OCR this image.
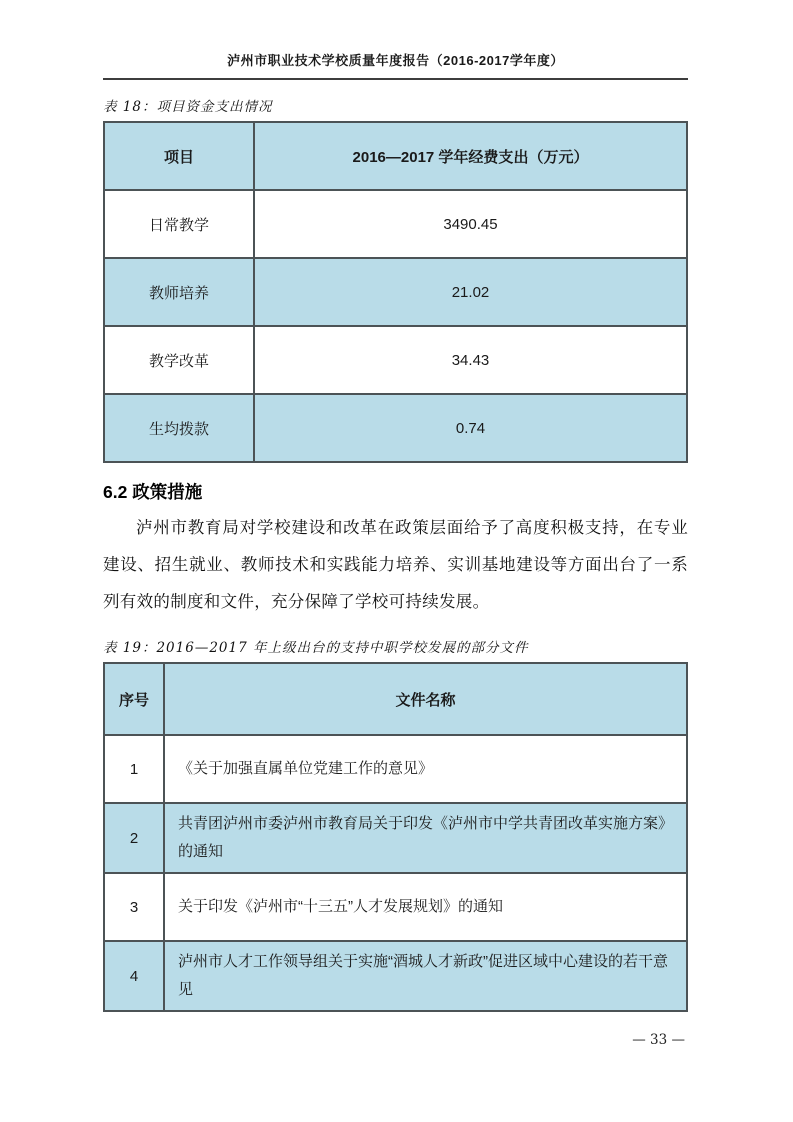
泸州市职业技术学校质量年度报告（2016-2017学年度）
表 18：项目资金支出情况
项目	2016—2017 学年经费支出（万元）
日常教学	3490.45
教师培养	21.02
教学改革	34.43
生均拨款	0.74
6.2 政策措施

泸州市教育局对学校建设和改革在政策层面给予了高度积极支持，在专业建设、招生就业、教师技术和实践能力培养、实训基地建设等方面出台了一系列有效的制度和文件，充分保障了学校可持续发展。

表 19：2016—2017 年上级出台的支持中职学校发展的部分文件
序号	文件名称
1	《关于加强直属单位党建工作的意见》
2	共青团泸州市委泸州市教育局关于印发《泸州市中学共青团改革实施方案》的通知
3	关于印发《泸州市“十三五”人才发展规划》的通知
4	泸州市人才工作领导组关于实施“酒城人才新政”促进区域中心建设的若干意见
— 33 —
